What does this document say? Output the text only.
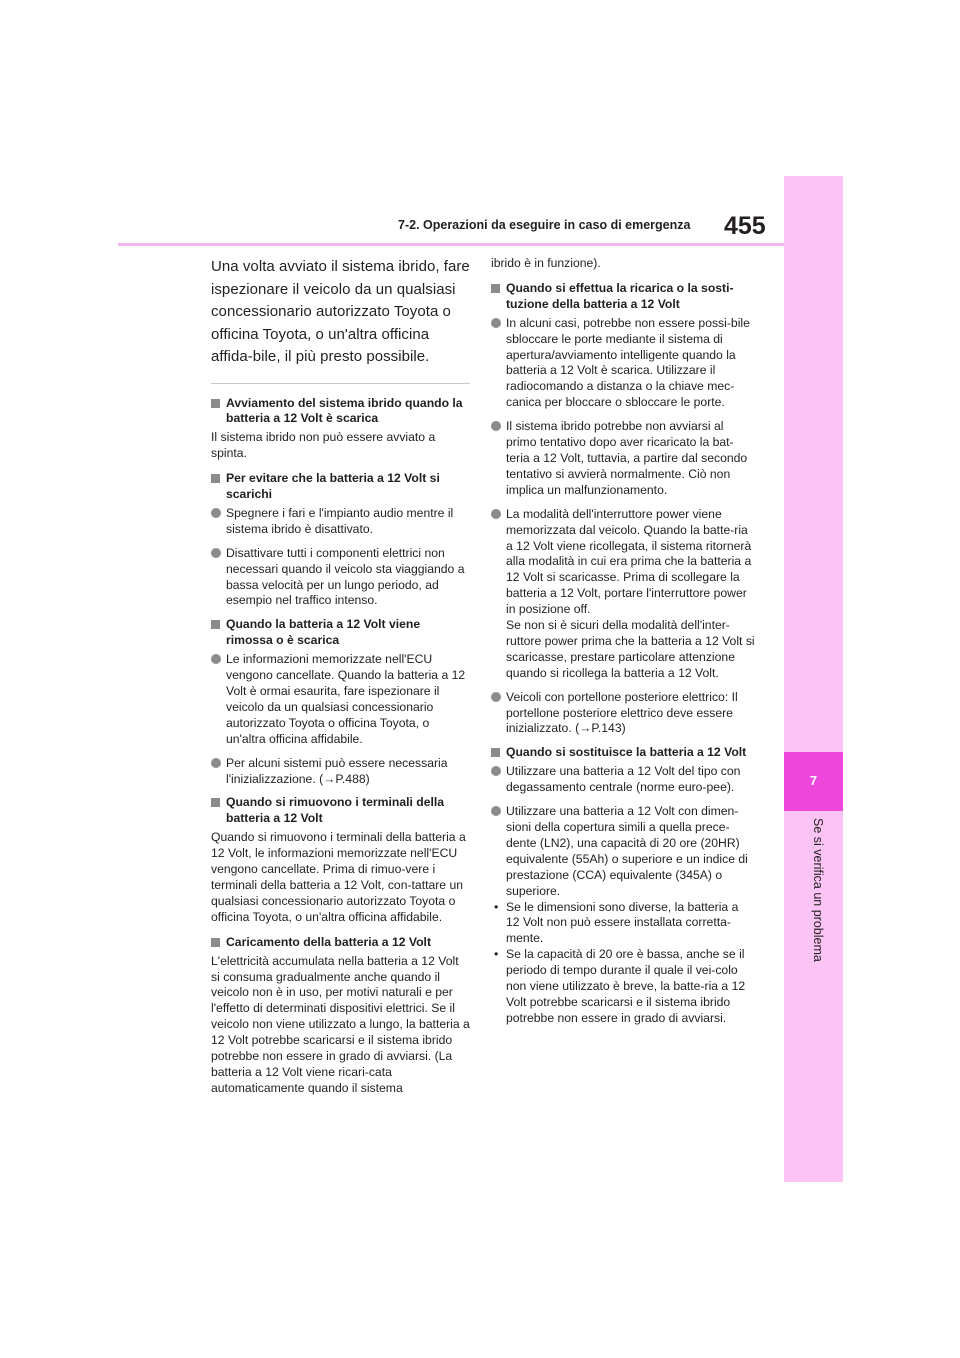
7-2. Operazioni da eseguire in caso di emergenza 455
7
Se si verifica un problema
Una volta avviato il sistema ibrido, fare ispezionare il veicolo da un qualsiasi concessionario autorizzato Toyota o officina Toyota, o un'altra officina affida-bile, il più presto possibile.
Avviamento del sistema ibrido quando la batteria a 12 Volt è scarica
Il sistema ibrido non può essere avviato a spinta.
Per evitare che la batteria a 12 Volt si scarichi
Spegnere i fari e l'impianto audio mentre il sistema ibrido è disattivato.
Disattivare tutti i componenti elettrici non necessari quando il veicolo sta viaggiando a bassa velocità per un lungo periodo, ad esempio nel traffico intenso.
Quando la batteria a 12 Volt viene rimossa o è scarica
Le informazioni memorizzate nell'ECU vengono cancellate. Quando la batteria a 12 Volt è ormai esaurita, fare ispezionare il veicolo da un qualsiasi concessionario autorizzato Toyota o officina Toyota, o un'altra officina affidabile.
Per alcuni sistemi può essere necessaria l'inizializzazione. (→P.488)
Quando si rimuovono i terminali della batteria a 12 Volt
Quando si rimuovono i terminali della batteria a 12 Volt, le informazioni memorizzate nell'ECU vengono cancellate. Prima di rimuo-vere i terminali della batteria a 12 Volt, con-tattare un qualsiasi concessionario autorizzato Toyota o officina Toyota, o un'altra officina affidabile.
Caricamento della batteria a 12 Volt
L'elettricità accumulata nella batteria a 12 Volt si consuma gradualmente anche quando il veicolo non è in uso, per motivi naturali e per l'effetto di determinati dispositivi elettrici. Se il veicolo non viene utilizzato a lungo, la batteria a 12 Volt potrebbe scaricarsi e il sistema ibrido potrebbe non essere in grado di avviarsi. (La batteria a 12 Volt viene ricari-cata automaticamente quando il sistema
ibrido è in funzione).
Quando si effettua la ricarica o la sosti-tuzione della batteria a 12 Volt
In alcuni casi, potrebbe non essere possi-bile sbloccare le porte mediante il sistema di apertura/avviamento intelligente quando la batteria a 12 Volt è scarica. Utilizzare il radiocomando a distanza o la chiave mec-canica per bloccare o sbloccare le porte.
Il sistema ibrido potrebbe non avviarsi al primo tentativo dopo aver ricaricato la bat-teria a 12 Volt, tuttavia, a partire dal secondo tentativo si avvierà normalmente. Ciò non implica un malfunzionamento.
La modalità dell'interruttore power viene memorizzata dal veicolo. Quando la batte-ria a 12 Volt viene ricollegata, il sistema ritornerà alla modalità in cui era prima che la batteria a 12 Volt si scaricasse. Prima di scollegare la batteria a 12 Volt, portare l'interruttore power in posizione off.
Se non si è sicuri della modalità dell'inter-ruttore power prima che la batteria a 12 Volt si scaricasse, prestare particolare attenzione quando si ricollega la batteria a 12 Volt.
Veicoli con portellone posteriore elettrico: Il portellone posteriore elettrico deve essere inizializzato. (→P.143)
Quando si sostituisce la batteria a 12 Volt
Utilizzare una batteria a 12 Volt del tipo con degassamento centrale (norme euro-pee).
Utilizzare una batteria a 12 Volt con dimen-sioni della copertura simili a quella prece-dente (LN2), una capacità di 20 ore (20HR) equivalente (55Ah) o superiore e un indice di prestazione (CCA) equivalente (345A) o superiore.
• Se le dimensioni sono diverse, la batteria a 12 Volt non può essere installata corretta-mente.
• Se la capacità di 20 ore è bassa, anche se il periodo di tempo durante il quale il vei-colo non viene utilizzato è breve, la batte-ria a 12 Volt potrebbe scaricarsi e il sistema ibrido potrebbe non essere in grado di avviarsi.
